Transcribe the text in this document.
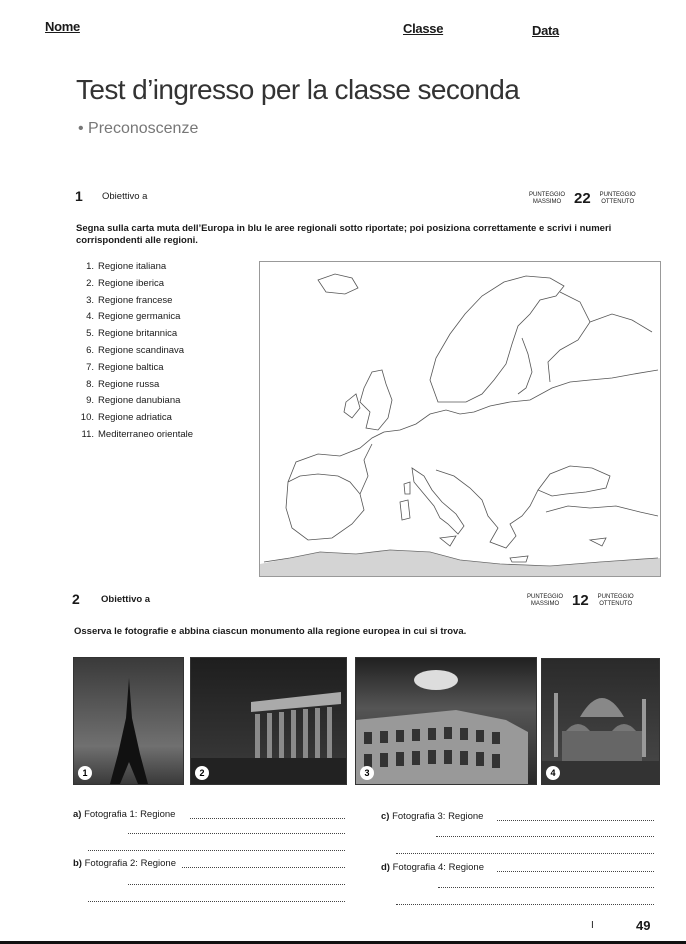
Nome	Classe	Data
Test d’ingresso per la classe seconda
• Preconoscenze
1 Obiettivo a	PUNTEGGIO MASSIMO 22	PUNTEGGIO OTTENUTO
Segna sulla carta muta dell’Europa in blu le aree regionali sotto riportate; poi posiziona correttamente e scrivi i numeri corrispondenti alle regioni.
1. Regione italiana
2. Regione iberica
3. Regione francese
4. Regione germanica
5. Regione britannica
6. Regione scandinava
7. Regione baltica
8. Regione russa
9. Regione danubiana
10. Regione adriatica
11. Mediterraneo orientale
2 Obiettivo a	PUNTEGGIO MASSIMO 12	PUNTEGGIO OTTENUTO
Osserva le fotografie e abbina ciascun monumento alla regione europea in cui si trova.
1	2	3	4
a) Fotografia 1: Regione
b) Fotografia 2: Regione
c) Fotografia 3: Regione
d) Fotografia 4: Regione
I	49
